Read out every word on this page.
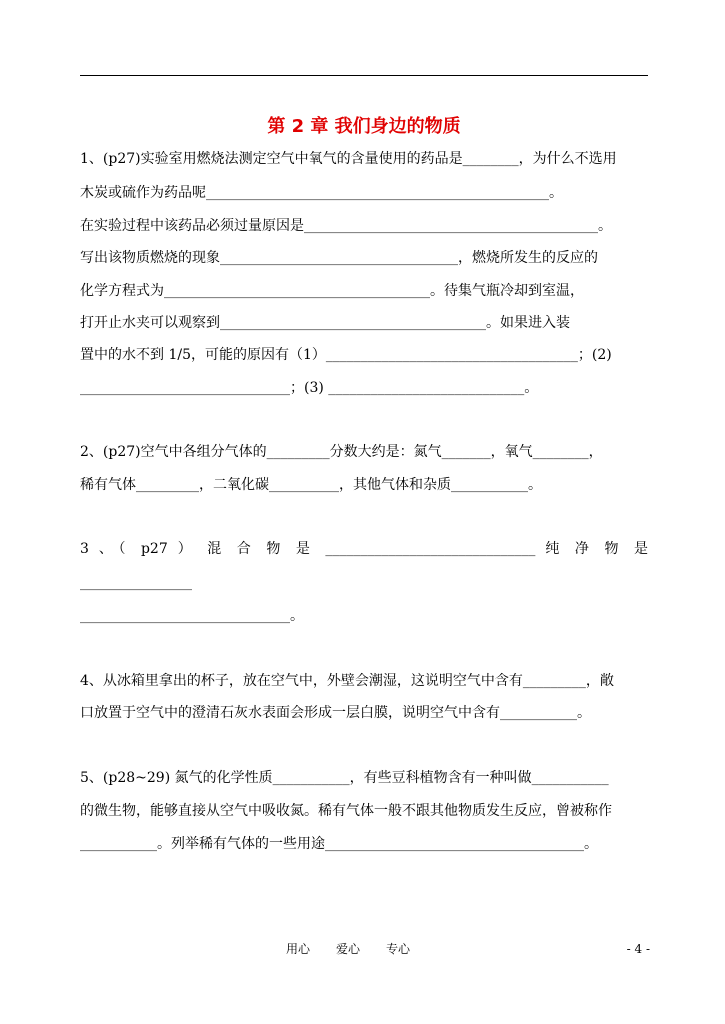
第 2 章 我们身边的物质
1、(p27)实验室用燃烧法测定空气中氧气的含量使用的药品是________，为什么不选用
木炭或硫作为药品呢_________________________________________________。
在实验过程中该药品必须过量原因是__________________________________________。
写出该物质燃烧的现象__________________________________，燃烧所发生的反应的
化学方程式为______________________________________。待集气瓶冷却到室温，
打开止水夹可以观察到______________________________________。如果进入装
置中的水不到 1/5，可能的原因有（1）____________________________________；(2)
______________________________；(3) ____________________________。
2、(p27)空气中各组分气体的_________分数大约是：氮气_______，氧气________，
稀有气体_________，二氧化碳__________，其他气体和杂质___________。
3 、（ p27 ） 混 合 物 是 ______________________________ 纯 净 物 是
________________
______________________________。
4、从冰箱里拿出的杯子，放在空气中，外壁会潮湿，这说明空气中含有_________，敞
口放置于空气中的澄清石灰水表面会形成一层白膜，说明空气中含有___________。
5、(p28~29) 氮气的化学性质___________，有些豆科植物含有一种叫做___________
的微生物，能够直接从空气中吸收氮。稀有气体一般不跟其他物质发生反应，曾被称作
___________。列举稀有气体的一些用途_____________________________________。
用心 爱心 专心	- 4 -
